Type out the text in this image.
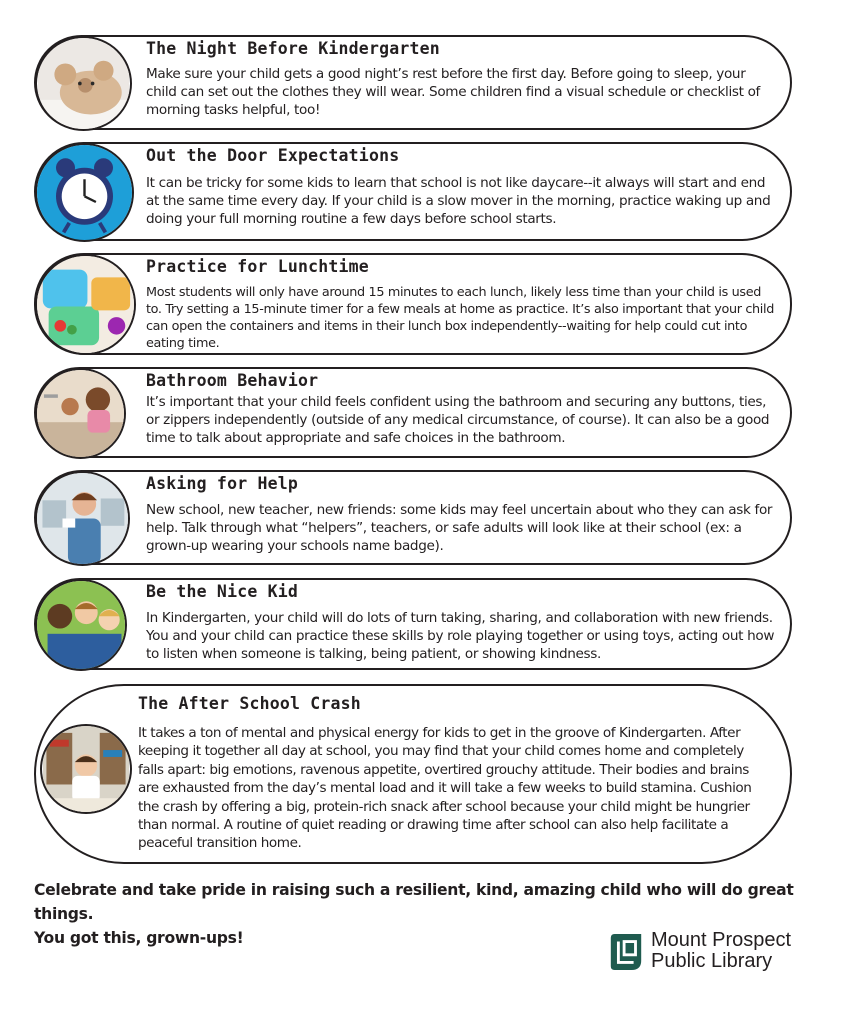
The Night Before Kindergarten

Make sure your child gets a good night’s rest before the first day. Before going to sleep, your child can set out the clothes they will wear. Some children find a visual schedule or checklist of morning tasks helpful, too!

Out the Door Expectations

It can be tricky for some kids to learn that school is not like daycare--it always will start and end at the same time every day. If your child is a slow mover in the morning, practice waking up and doing your full morning routine a few days before school starts.

Practice for Lunchtime

Most students will only have around 15 minutes to each lunch, likely less time than your child is used to. Try setting a 15-minute timer for a few meals at home as practice. It’s also important that your child can open the containers and items in their lunch box independently--waiting for help could cut into eating time.

Bathroom Behavior

It’s important that your child feels confident using the bathroom and securing any buttons, ties, or zippers independently (outside of any medical circumstance, of course). It can also be a good time to talk about appropriate and safe choices in the bathroom.

Asking for Help

New school, new teacher, new friends: some kids may feel uncertain about who they can ask for help. Talk through what “helpers”, teachers, or safe adults will look like at their school (ex: a grown-up wearing your schools name badge).

Be the Nice Kid

In Kindergarten, your child will do lots of turn taking, sharing, and collaboration with new friends. You and your child can practice these skills by role playing together or using toys, acting out how to listen when someone is talking, being patient, or showing kindness.

The After School Crash

It takes a ton of mental and physical energy for kids to get in the groove of Kindergarten. After keeping it together all day at school, you may find that your child comes home and completely falls apart: big emotions, ravenous appetite, overtired grouchy attitude. Their bodies and brains are exhausted from the day’s mental load and it will take a few weeks to build stamina. Cushion the crash by offering a big, protein-rich snack after school because your child might be hungrier than normal. A routine of quiet reading or drawing time after school can also help facilitate a peaceful transition home.

Celebrate and take pride in raising such a resilient, kind, amazing child who will do great things.
You got this, grown-ups!	Mount Prospect
Public Library
